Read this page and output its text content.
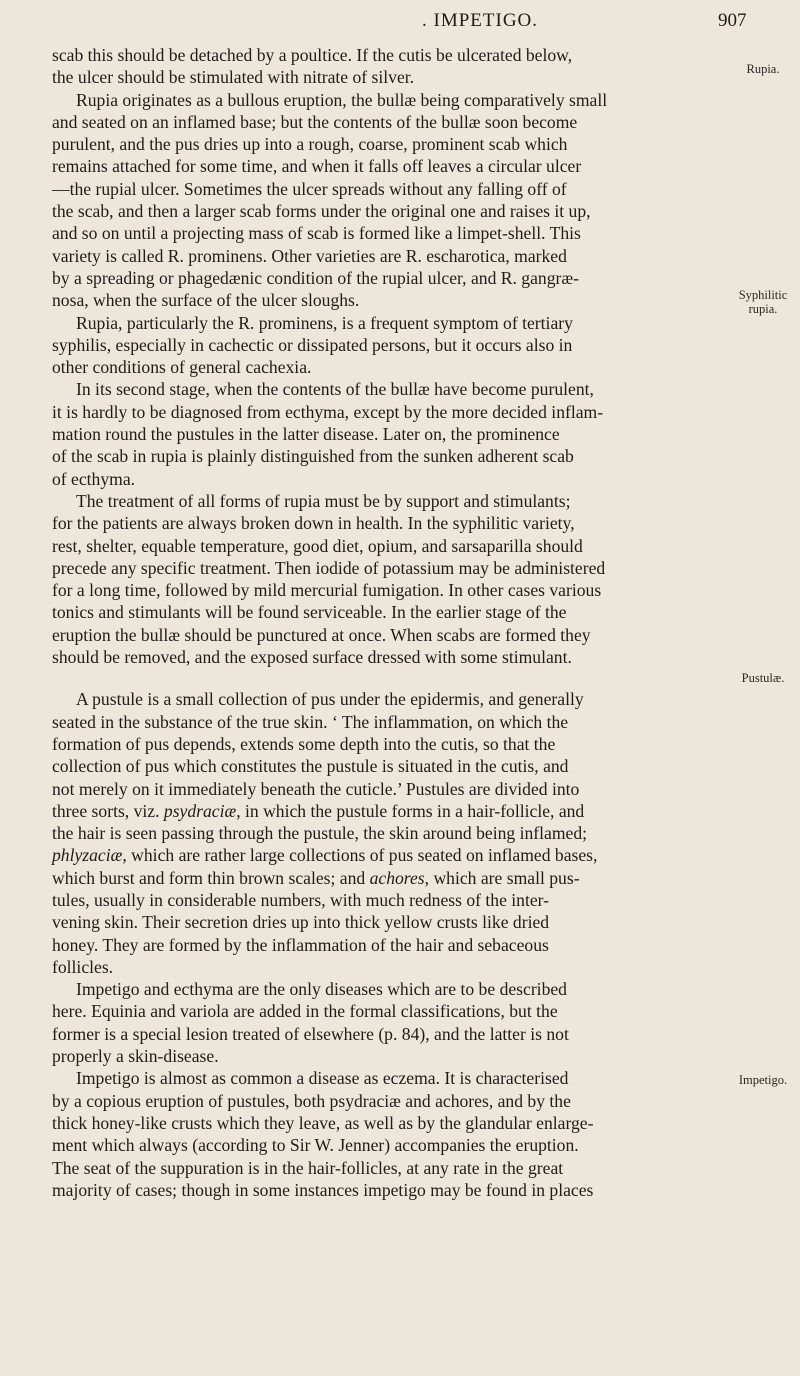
. IMPETIGO.	907
Rupia.
Syphilitic rupia.
Pustulæ.
Impetigo.

scab this should be detached by a poultice. If the cutis be ulcerated below,
the ulcer should be stimulated with nitrate of silver.

Rupia originates as a bullous eruption, the bullæ being comparatively small
and seated on an inflamed base; but the contents of the bullæ soon become
purulent, and the pus dries up into a rough, coarse, prominent scab which
remains attached for some time, and when it falls off leaves a circular ulcer
—the rupial ulcer. Sometimes the ulcer spreads without any falling off of
the scab, and then a larger scab forms under the original one and raises it up,
and so on until a projecting mass of scab is formed like a limpet-shell. This
variety is called R. prominens. Other varieties are R. escharotica, marked
by a spreading or phagedænic condition of the rupial ulcer, and R. gangræ-
nosa, when the surface of the ulcer sloughs.

Rupia, particularly the R. prominens, is a frequent symptom of tertiary
syphilis, especially in cachectic or dissipated persons, but it occurs also in
other conditions of general cachexia.

In its second stage, when the contents of the bullæ have become purulent,
it is hardly to be diagnosed from ecthyma, except by the more decided inflam-
mation round the pustules in the latter disease. Later on, the prominence
of the scab in rupia is plainly distinguished from the sunken adherent scab
of ecthyma.

The treatment of all forms of rupia must be by support and stimulants;
for the patients are always broken down in health. In the syphilitic variety,
rest, shelter, equable temperature, good diet, opium, and sarsaparilla should
precede any specific treatment. Then iodide of potassium may be administered
for a long time, followed by mild mercurial fumigation. In other cases various
tonics and stimulants will be found serviceable. In the earlier stage of the
eruption the bullæ should be punctured at once. When scabs are formed they
should be removed, and the exposed surface dressed with some stimulant.

A pustule is a small collection of pus under the epidermis, and generally
seated in the substance of the true skin. ‘ The inflammation, on which the
formation of pus depends, extends some depth into the cutis, so that the
collection of pus which constitutes the pustule is situated in the cutis, and
not merely on it immediately beneath the cuticle.’ Pustules are divided into
three sorts, viz. psydraciæ, in which the pustule forms in a hair-follicle, and
the hair is seen passing through the pustule, the skin around being inflamed;
phlyzaciæ, which are rather large collections of pus seated on inflamed bases,
which burst and form thin brown scales; and achores, which are small pus-
tules, usually in considerable numbers, with much redness of the inter-
vening skin. Their secretion dries up into thick yellow crusts like dried
honey. They are formed by the inflammation of the hair and sebaceous
follicles.

Impetigo and ecthyma are the only diseases which are to be described
here. Equinia and variola are added in the formal classifications, but the
former is a special lesion treated of elsewhere (p. 84), and the latter is not
properly a skin-disease.

Impetigo is almost as common a disease as eczema. It is characterised
by a copious eruption of pustules, both psydraciæ and achores, and by the
thick honey-like crusts which they leave, as well as by the glandular enlarge-
ment which always (according to Sir W. Jenner) accompanies the eruption.
The seat of the suppuration is in the hair-follicles, at any rate in the great
majority of cases; though in some instances impetigo may be found in places
